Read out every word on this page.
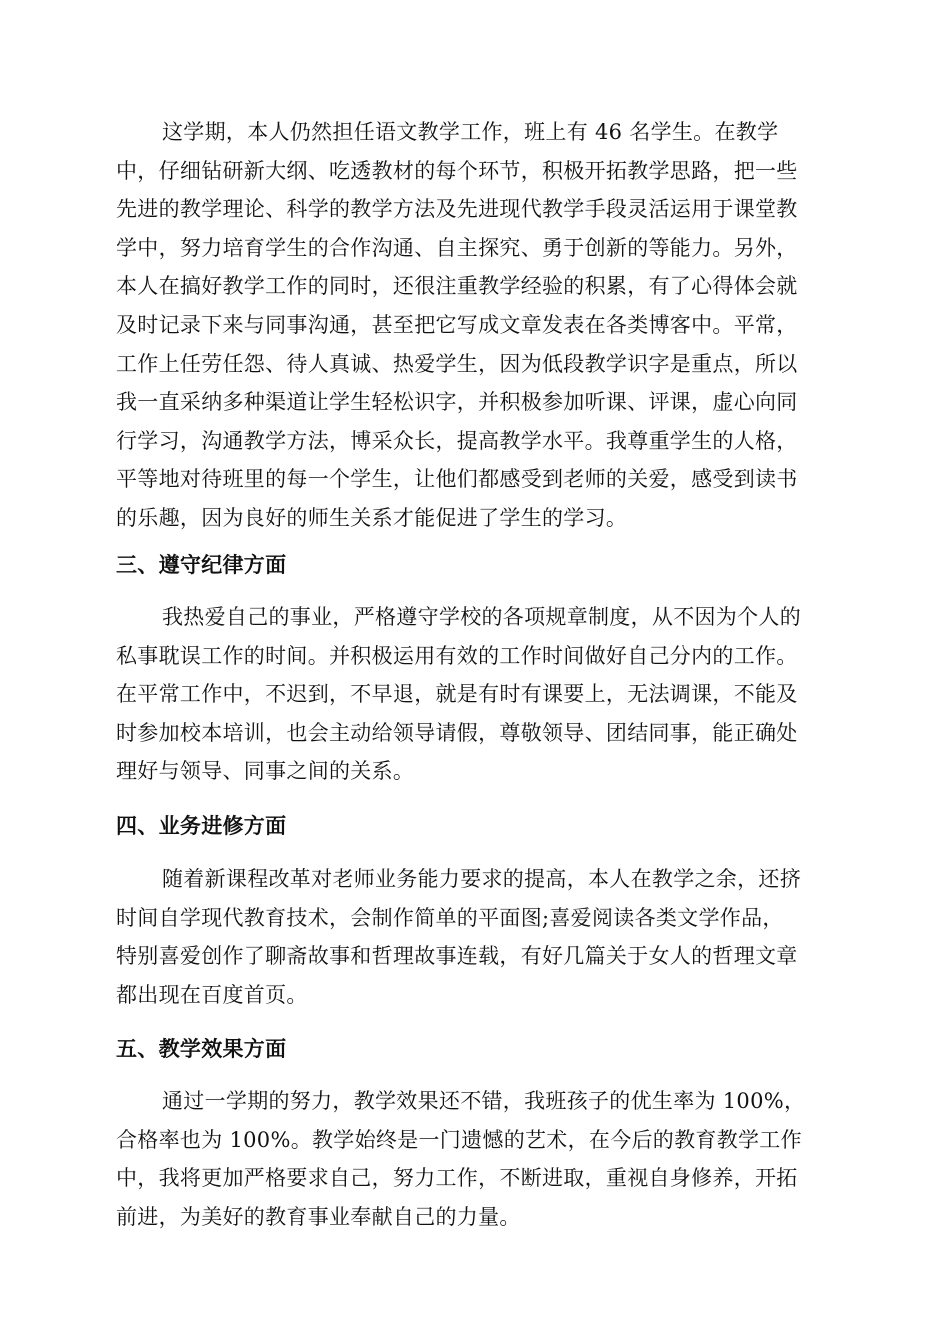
这学期，本人仍然担任语文教学工作，班上有 46 名学生。在教学
中，仔细钻研新大纲、吃透教材的每个环节，积极开拓教学思路，把一些
先进的教学理论、科学的教学方法及先进现代教学手段灵活运用于课堂教
学中，努力培育学生的合作沟通、自主探究、勇于创新的等能力。另外，
本人在搞好教学工作的同时，还很注重教学经验的积累，有了心得体会就
及时记录下来与同事沟通，甚至把它写成文章发表在各类博客中。平常，
工作上任劳任怨、待人真诚、热爱学生，因为低段教学识字是重点，所以
我一直采纳多种渠道让学生轻松识字，并积极参加听课、评课，虚心向同
行学习，沟通教学方法，博采众长，提高教学水平。我尊重学生的人格，
平等地对待班里的每一个学生，让他们都感受到老师的关爱，感受到读书
的乐趣，因为良好的师生关系才能促进了学生的学习。
三、遵守纪律方面
我热爱自己的事业，严格遵守学校的各项规章制度，从不因为个人的
私事耽误工作的时间。并积极运用有效的工作时间做好自己分内的工作。
在平常工作中，不迟到，不早退，就是有时有课要上，无法调课，不能及
时参加校本培训，也会主动给领导请假，尊敬领导、团结同事，能正确处
理好与领导、同事之间的关系。
四、业务进修方面
随着新课程改革对老师业务能力要求的提高，本人在教学之余，还挤
时间自学现代教育技术，会制作简单的平面图;喜爱阅读各类文学作品，
特别喜爱创作了聊斋故事和哲理故事连载，有好几篇关于女人的哲理文章
都出现在百度首页。
五、教学效果方面
通过一学期的努力，教学效果还不错，我班孩子的优生率为 100%，
合格率也为 100%。教学始终是一门遗憾的艺术，在今后的教育教学工作
中，我将更加严格要求自己，努力工作，不断进取，重视自身修养，开拓
前进，为美好的教育事业奉献自己的力量。
